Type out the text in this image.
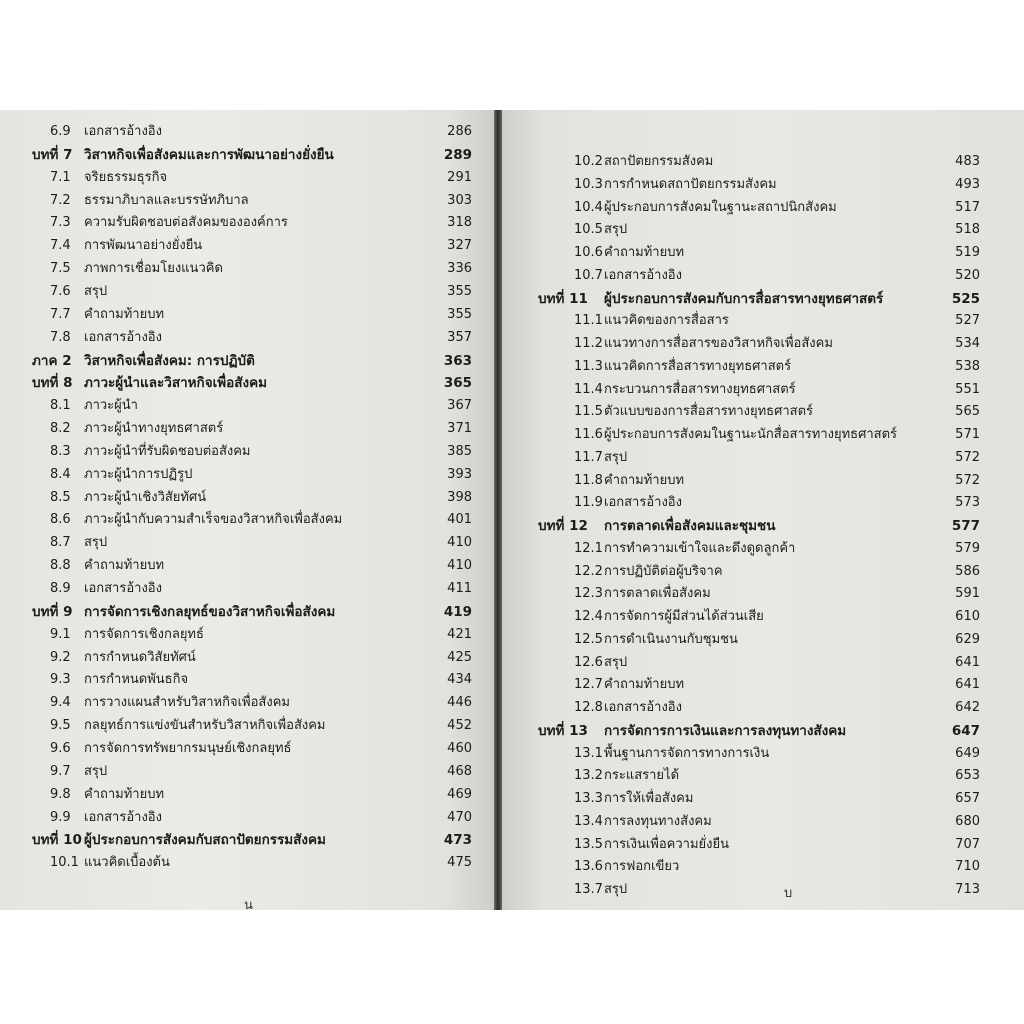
6.9 เอกสารอ้างอิง	286
บทที่ 7 วิสาหกิจเพื่อสังคมและการพัฒนาอย่างยั่งยืน	289
7.1 จริยธรรมธุรกิจ	291
7.2 ธรรมาภิบาลและบรรษัทภิบาล	303
7.3 ความรับผิดชอบต่อสังคมขององค์การ	318
7.4 การพัฒนาอย่างยั่งยืน	327
7.5 ภาพการเชื่อมโยงแนวคิด	336
7.6 สรุป	355
7.7 คำถามท้ายบท	355
7.8 เอกสารอ้างอิง	357
ภาค 2 วิสาหกิจเพื่อสังคม: การปฏิบัติ	363
บทที่ 8 ภาวะผู้นำและวิสาหกิจเพื่อสังคม	365
8.1 ภาวะผู้นำ	367
8.2 ภาวะผู้นำทางยุทธศาสตร์	371
8.3 ภาวะผู้นำที่รับผิดชอบต่อสังคม	385
8.4 ภาวะผู้นำการปฏิรูป	393
8.5 ภาวะผู้นำเชิงวิสัยทัศน์	398
8.6 ภาวะผู้นำกับความสำเร็จของวิสาหกิจเพื่อสังคม	401
8.7 สรุป	410
8.8 คำถามท้ายบท	410
8.9 เอกสารอ้างอิง	411
บทที่ 9 การจัดการเชิงกลยุทธ์ของวิสาหกิจเพื่อสังคม	419
9.1 การจัดการเชิงกลยุทธ์	421
9.2 การกำหนดวิสัยทัศน์	425
9.3 การกำหนดพันธกิจ	434
9.4 การวางแผนสำหรับวิสาหกิจเพื่อสังคม	446
9.5 กลยุทธ์การแข่งขันสำหรับวิสาหกิจเพื่อสังคม	452
9.6 การจัดการทรัพยากรมนุษย์เชิงกลยุทธ์	460
9.7 สรุป	468
9.8 คำถามท้ายบท	469
9.9 เอกสารอ้างอิง	470
บทที่ 10 ผู้ประกอบการสังคมกับสถาปัตยกรรมสังคม	473
10.1 แนวคิดเบื้องต้น	475
น
10.2 สถาปัตยกรรมสังคม	483
10.3 การกำหนดสถาปัตยกรรมสังคม	493
10.4 ผู้ประกอบการสังคมในฐานะสถาปนิกสังคม	517
10.5 สรุป	518
10.6 คำถามท้ายบท	519
10.7 เอกสารอ้างอิง	520
บทที่ 11 ผู้ประกอบการสังคมกับการสื่อสารทางยุทธศาสตร์	525
11.1 แนวคิดของการสื่อสาร	527
11.2 แนวทางการสื่อสารของวิสาหกิจเพื่อสังคม	534
11.3 แนวคิดการสื่อสารทางยุทธศาสตร์	538
11.4 กระบวนการสื่อสารทางยุทธศาสตร์	551
11.5 ตัวแบบของการสื่อสารทางยุทธศาสตร์	565
11.6 ผู้ประกอบการสังคมในฐานะนักสื่อสารทางยุทธศาสตร์	571
11.7 สรุป	572
11.8 คำถามท้ายบท	572
11.9 เอกสารอ้างอิง	573
บทที่ 12 การตลาดเพื่อสังคมและชุมชน	577
12.1 การทำความเข้าใจและดึงดูดลูกค้า	579
12.2 การปฏิบัติต่อผู้บริจาค	586
12.3 การตลาดเพื่อสังคม	591
12.4 การจัดการผู้มีส่วนได้ส่วนเสีย	610
12.5 การดำเนินงานกับชุมชน	629
12.6 สรุป	641
12.7 คำถามท้ายบท	641
12.8 เอกสารอ้างอิง	642
บทที่ 13 การจัดการการเงินและการลงทุนทางสังคม	647
13.1 พื้นฐานการจัดการทางการเงิน	649
13.2 กระแสรายได้	653
13.3 การให้เพื่อสังคม	657
13.4 การลงทุนทางสังคม	680
13.5 การเงินเพื่อความยั่งยืน	707
13.6 การฟอกเขียว	710
13.7 สรุป	713
บ
